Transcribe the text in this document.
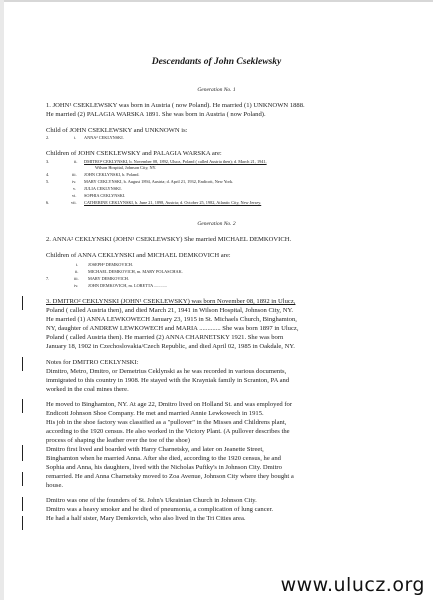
Descendants of John Cseklewsky
Generation No. 1
1. JOHN¹ CSEKLEWSKY was born in Austria ( now Poland). He married (1) UNKNOWN 1888.
He married (2) PALAGIA WARSKA 1891. She was born in Austria ( now Poland).
Child of JOHN CSEKLEWSKY and UNKNOWN is:
2.	i. ANNA² CEKLYNSKI.
Children of JOHN CSEKLEWSKY and PALAGIA WARSKA are:
3.	ii. DMITRO² CEKLYNSKI, b. November 08, 1892, Ulucz, Poland ( called Austria then); d. March 21, 1941,
Wilson Hospital, Johnson City, NY.
4.	iii. JOHN CEKLYNSKI, b. Poland.
5.	iv. MARY CEKLYNSKI, b. August 1894, Austria; d. April 21, 1932, Endicott, New York.
v. JULIA CEKLYNSKI.
vi. SOPHIA CEKLYNSKI.
6.	vii. CATHERINE CEKLYNSKI, b. June 21, 1898, Austria; d. October 25, 1982, Atlantic City, New Jersey.
Generation No. 2
2. ANNA² CEKLYNSKI (JOHN¹ CSEKLEWSKY) She married MICHAEL DEMKOVICH.
Children of ANNA CEKLYNSKI and MICHAEL DEMKOVICH are:
i. JOSEPH³ DEMKOVICH.
ii. MICHAEL DEMKOVICH, m. MARY POLASCHAK.
7.	iii. MARY DEMKOVICH.
iv. JOHN DEMKOVICH, m. LORETTA ............
3. DMITRO² CEKLYNSKI (JOHN¹ CSEKLEWSKY) was born November 08, 1892 in Ulucz,
Poland ( called Austria then), and died March 21, 1941 in Wilson Hospital, Johnson City, NY.
He married (1) ANNA LEWKOWECH January 23, 1915 in St. Michaels Church, Binghamton,
NY, daughter of ANDREW LEWKOWECH and MARIA ............. She was born 1897 in Ulucz,
Poland ( called Austria then). He married (2) ANNA CHARNETSKY 1921. She was born
January 18, 1902 in Czechoslovakia/Czech Republic, and died April 02, 1985 in Oakdale, NY.
Notes for DMITRO CEKLYNSKI:
Dimitro, Metro, Dmitro, or Demetrius Ceklynski as he was recorded in various documents,
immigrated to this country in 1908. He stayed with the Krayniak family in Scranton, PA and
worked in the coal mines there.
He moved to Binghamton, NY. At age 22, Dmitro lived on Holland St. and was employed for
Endicott Johnson Shoe Company. He met and married Annie Lewkowech in 1915.
His job in the shoe factory was classified as a "pullover" in the Misses and Childrens plant,
according to the 1920 census. He also worked in the Victory Plant. (A pullover describes the
process of shaping the leather over the toe of the shoe)
Dmitro first lived and boarded with Harry Charnetsky, and later on Jeanette Street,
Binghamton when he married Anna. After she died, according to the 1920 census, he and
Sophia and Anna, his daughters, lived with the Nicholas Puftky's in Johnson City. Dmitro
remarried. He and Anna Charnetsky moved to Zoa Avenue, Johnson City where they bought a
house.
Dmitro was one of the founders of St. John's Ukrainian Church in Johnson City.
Dmitro was a heavy smoker and he died of pneumonia, a complication of lung cancer.
He had a half sister, Mary Demkovich, who also lived in the Tri Cities area.
www.ulucz.org
